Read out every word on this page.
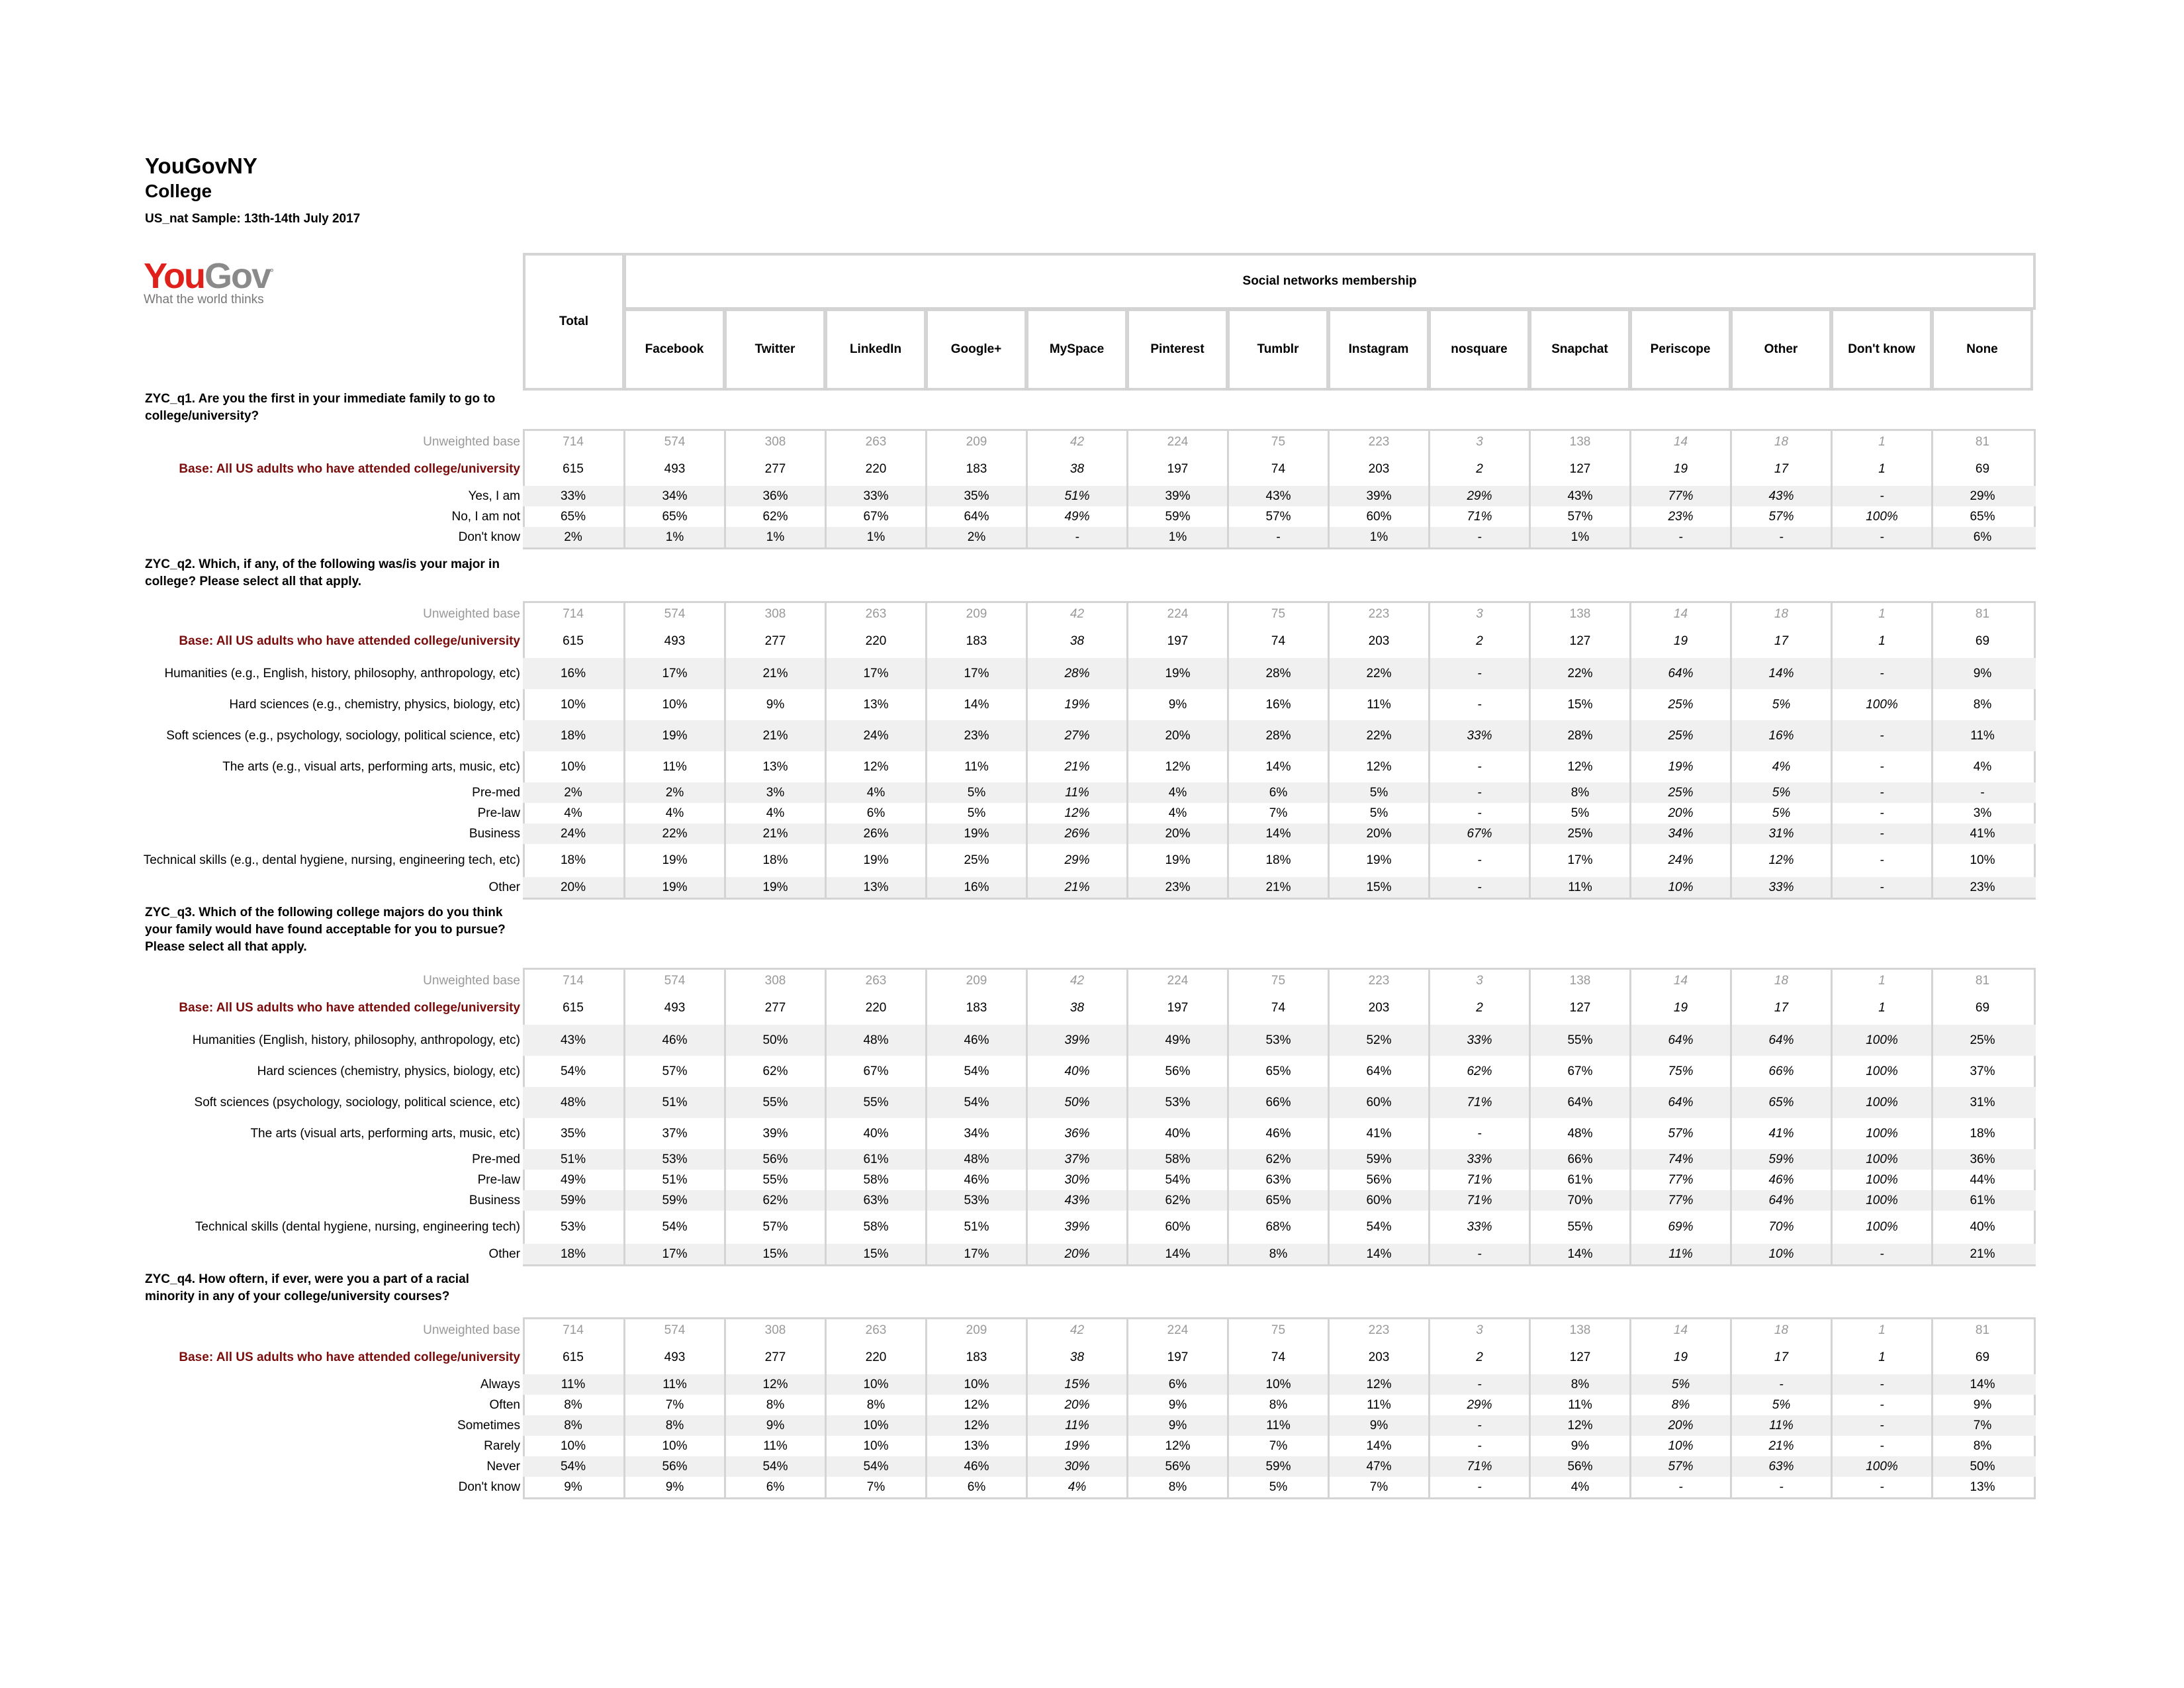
YouGovNY
College
US_nat Sample: 13th-14th July 2017
YouGov°
What the world thinks
Total
Social networks membership
Facebook	Twitter	LinkedIn	Google+	MySpace	Pinterest	Tumblr	Instagram	nosquare	Snapchat	Periscope	Other	Don't know	None
ZYC_q1. Are you the first in your immediate family to go to college/university?
Unweighted base	714	574	308	263	209	42	224	75	223	3	138	14	18	1	81
Base: All US adults who have attended college/university	615	493	277	220	183	38	197	74	203	2	127	19	17	1	69
Yes, I am	33%	34%	36%	33%	35%	51%	39%	43%	39%	29%	43%	77%	43%	-	29%
No, I am not	65%	65%	62%	67%	64%	49%	59%	57%	60%	71%	57%	23%	57%	100%	65%
Don't know	2%	1%	1%	1%	2%	-	1%	-	1%	-	1%	-	-	-	6%
ZYC_q2. Which, if any, of the following was/is your major in college? Please select all that apply.
Unweighted base	714	574	308	263	209	42	224	75	223	3	138	14	18	1	81
Base: All US adults who have attended college/university	615	493	277	220	183	38	197	74	203	2	127	19	17	1	69
Humanities (e.g., English, history, philosophy, anthropology, etc)	16%	17%	21%	17%	17%	28%	19%	28%	22%	-	22%	64%	14%	-	9%
Hard sciences (e.g., chemistry, physics, biology, etc)	10%	10%	9%	13%	14%	19%	9%	16%	11%	-	15%	25%	5%	100%	8%
Soft sciences (e.g., psychology, sociology, political science, etc)	18%	19%	21%	24%	23%	27%	20%	28%	22%	33%	28%	25%	16%	-	11%
The arts (e.g., visual arts, performing arts, music, etc)	10%	11%	13%	12%	11%	21%	12%	14%	12%	-	12%	19%	4%	-	4%
Pre-med	2%	2%	3%	4%	5%	11%	4%	6%	5%	-	8%	25%	5%	-	-
Pre-law	4%	4%	4%	6%	5%	12%	4%	7%	5%	-	5%	20%	5%	-	3%
Business	24%	22%	21%	26%	19%	26%	20%	14%	20%	67%	25%	34%	31%	-	41%
Technical skills (e.g., dental hygiene, nursing, engineering tech, etc)	18%	19%	18%	19%	25%	29%	19%	18%	19%	-	17%	24%	12%	-	10%
Other	20%	19%	19%	13%	16%	21%	23%	21%	15%	-	11%	10%	33%	-	23%
ZYC_q3. Which of the following college majors do you think your family would have found acceptable for you to pursue? Please select all that apply.
Unweighted base	714	574	308	263	209	42	224	75	223	3	138	14	18	1	81
Base: All US adults who have attended college/university	615	493	277	220	183	38	197	74	203	2	127	19	17	1	69
Humanities (English, history, philosophy, anthropology, etc)	43%	46%	50%	48%	46%	39%	49%	53%	52%	33%	55%	64%	64%	100%	25%
Hard sciences (chemistry, physics, biology, etc)	54%	57%	62%	67%	54%	40%	56%	65%	64%	62%	67%	75%	66%	100%	37%
Soft sciences (psychology, sociology, political science, etc)	48%	51%	55%	55%	54%	50%	53%	66%	60%	71%	64%	64%	65%	100%	31%
The arts (visual arts, performing arts, music, etc)	35%	37%	39%	40%	34%	36%	40%	46%	41%	-	48%	57%	41%	100%	18%
Pre-med	51%	53%	56%	61%	48%	37%	58%	62%	59%	33%	66%	74%	59%	100%	36%
Pre-law	49%	51%	55%	58%	46%	30%	54%	63%	56%	71%	61%	77%	46%	100%	44%
Business	59%	59%	62%	63%	53%	43%	62%	65%	60%	71%	70%	77%	64%	100%	61%
Technical skills (dental hygiene, nursing, engineering tech)	53%	54%	57%	58%	51%	39%	60%	68%	54%	33%	55%	69%	70%	100%	40%
Other	18%	17%	15%	15%	17%	20%	14%	8%	14%	-	14%	11%	10%	-	21%
ZYC_q4. How oftern, if ever, were you a part of a racial minority in any of your college/university courses?
Unweighted base	714	574	308	263	209	42	224	75	223	3	138	14	18	1	81
Base: All US adults who have attended college/university	615	493	277	220	183	38	197	74	203	2	127	19	17	1	69
Always	11%	11%	12%	10%	10%	15%	6%	10%	12%	-	8%	5%	-	-	14%
Often	8%	7%	8%	8%	12%	20%	9%	8%	11%	29%	11%	8%	5%	-	9%
Sometimes	8%	8%	9%	10%	12%	11%	9%	11%	9%	-	12%	20%	11%	-	7%
Rarely	10%	10%	11%	10%	13%	19%	12%	7%	14%	-	9%	10%	21%	-	8%
Never	54%	56%	54%	54%	46%	30%	56%	59%	47%	71%	56%	57%	63%	100%	50%
Don't know	9%	9%	6%	7%	6%	4%	8%	5%	7%	-	4%	-	-	-	13%
